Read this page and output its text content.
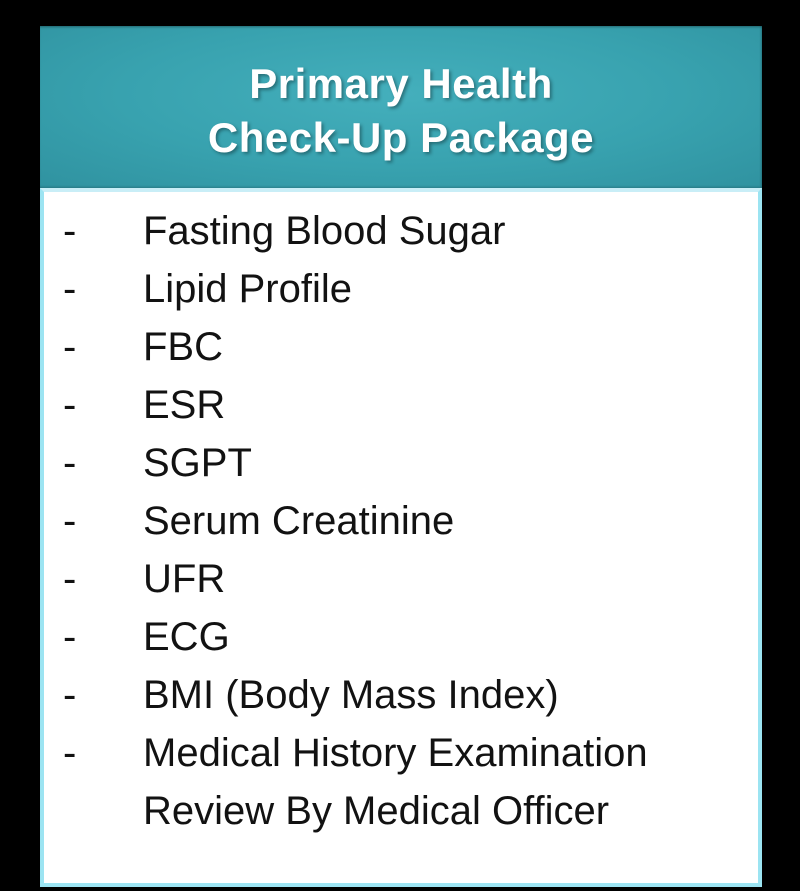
Primary Health
Check-Up Package
-	Fasting Blood Sugar
-	Lipid Profile
-	FBC
-	ESR
-	SGPT
-	Serum Creatinine
-	UFR
-	ECG
-	BMI (Body Mass Index)
-	Medical History Examination Review By Medical Officer
